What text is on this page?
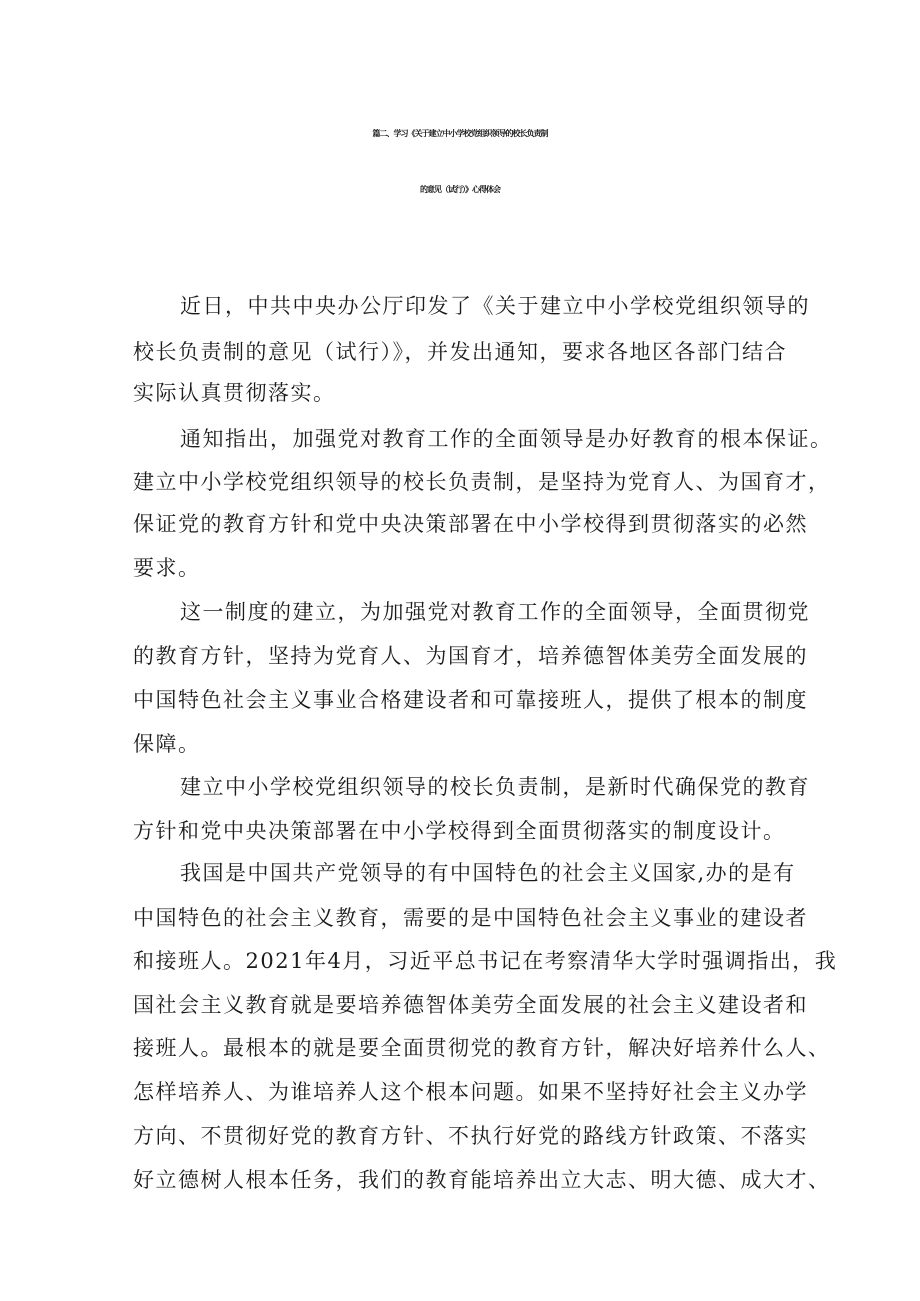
篇二、学习《关于建立中小学校党组织领导的校长负责制
的意见（试行）》心得体会
近日，中共中央办公厅印发了《关于建立中小学校党组织领导的
校长负责制的意见（试行）》，并发出通知，要求各地区各部门结合
实际认真贯彻落实。
通知指出，加强党对教育工作的全面领导是办好教育的根本保证。
建立中小学校党组织领导的校长负责制，是坚持为党育人、为国育才，
保证党的教育方针和党中央决策部署在中小学校得到贯彻落实的必然
要求。
这一制度的建立，为加强党对教育工作的全面领导，全面贯彻党
的教育方针，坚持为党育人、为国育才，培养德智体美劳全面发展的
中国特色社会主义事业合格建设者和可靠接班人，提供了根本的制度
保障。
建立中小学校党组织领导的校长负责制，是新时代确保党的教育
方针和党中央决策部署在中小学校得到全面贯彻落实的制度设计。
我国是中国共产党领导的有中国特色的社会主义国家,办的是有
中国特色的社会主义教育，需要的是中国特色社会主义事业的建设者
和接班人。2021年4月，习近平总书记在考察清华大学时强调指出，我
国社会主义教育就是要培养德智体美劳全面发展的社会主义建设者和
接班人。最根本的就是要全面贯彻党的教育方针，解决好培养什么人、
怎样培养人、为谁培养人这个根本问题。如果不坚持好社会主义办学
方向、不贯彻好党的教育方针、不执行好党的路线方针政策、不落实
好立德树人根本任务，我们的教育能培养出立大志、明大德、成大才、
